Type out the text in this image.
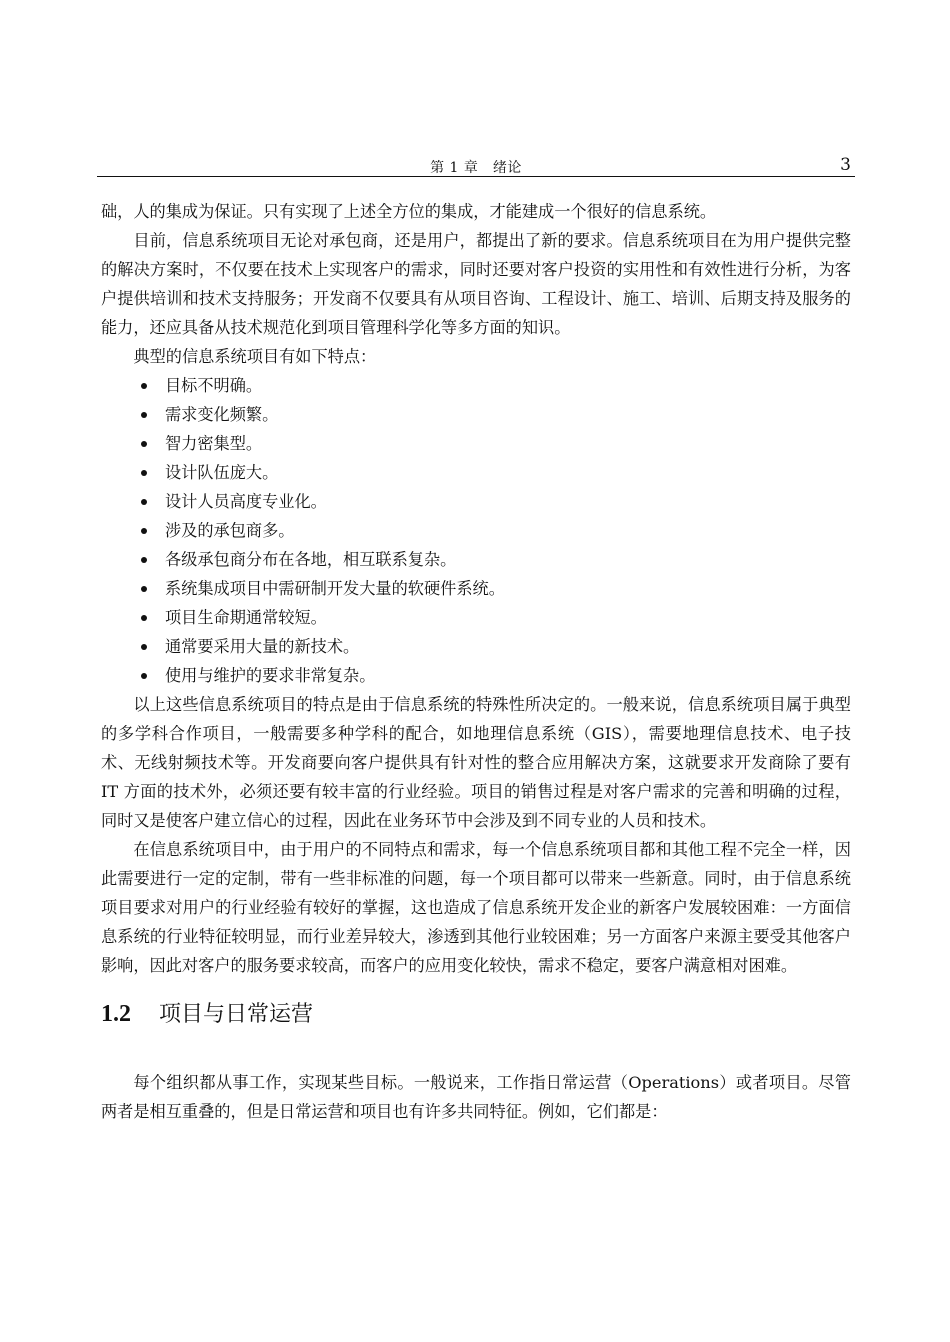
第 1 章　绪论	3

础，人的集成为保证。只有实现了上述全方位的集成，才能建成一个很好的信息系统。

目前，信息系统项目无论对承包商，还是用户，都提出了新的要求。信息系统项目在为用户提供完整的解决方案时，不仅要在技术上实现客户的需求，同时还要对客户投资的实用性和有效性进行分析，为客户提供培训和技术支持服务；开发商不仅要具有从项目咨询、工程设计、施工、培训、后期支持及服务的能力，还应具备从技术规范化到项目管理科学化等多方面的知识。

典型的信息系统项目有如下特点：

目标不明确。
需求变化频繁。
智力密集型。
设计队伍庞大。
设计人员高度专业化。
涉及的承包商多。
各级承包商分布在各地，相互联系复杂。
系统集成项目中需研制开发大量的软硬件系统。
项目生命期通常较短。
通常要采用大量的新技术。
使用与维护的要求非常复杂。

以上这些信息系统项目的特点是由于信息系统的特殊性所决定的。一般来说，信息系统项目属于典型的多学科合作项目，一般需要多种学科的配合，如地理信息系统（GIS），需要地理信息技术、电子技术、无线射频技术等。开发商要向客户提供具有针对性的整合应用解决方案，这就要求开发商除了要有 IT 方面的技术外，必须还要有较丰富的行业经验。项目的销售过程是对客户需求的完善和明确的过程，同时又是使客户建立信心的过程，因此在业务环节中会涉及到不同专业的人员和技术。

在信息系统项目中，由于用户的不同特点和需求，每一个信息系统项目都和其他工程不完全一样，因此需要进行一定的定制，带有一些非标准的问题，每一个项目都可以带来一些新意。同时，由于信息系统项目要求对用户的行业经验有较好的掌握，这也造成了信息系统开发企业的新客户发展较困难：一方面信息系统的行业特征较明显，而行业差异较大，渗透到其他行业较困难；另一方面客户来源主要受其他客户影响，因此对客户的服务要求较高，而客户的应用变化较快，需求不稳定，要客户满意相对困难。

1.2 项目与日常运营

每个组织都从事工作，实现某些目标。一般说来，工作指日常运营（Operations）或者项目。尽管两者是相互重叠的，但是日常运营和项目也有许多共同特征。例如，它们都是：
